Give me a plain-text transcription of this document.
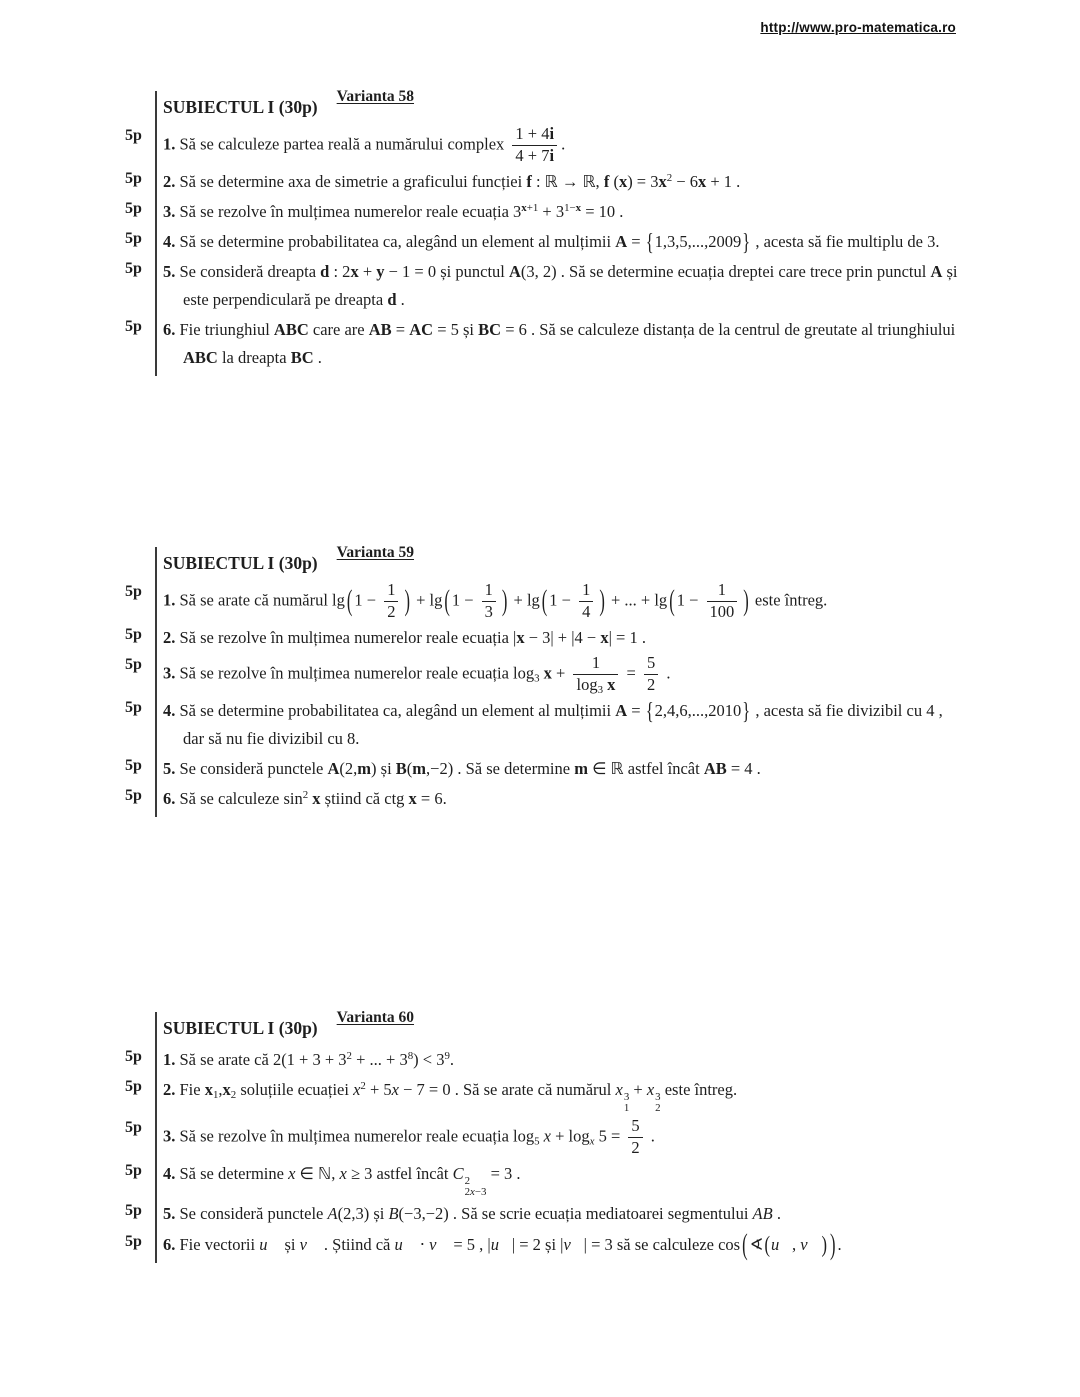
http://www.pro-matematica.ro
SUBIECTUL I (30p)
Varianta 58
5p	1. Să se calculeze partea reală a numărului complex $\frac{1 + 4i}{4 + 7i}$ .
5p	2. Să se determine axa de simetrie a graficului funcției f : ℝ → ℝ, f $(x) = 3x^2 - 6x + 1$ .
5p	3. Să se rezolve în mulțimea numerelor reale ecuația $3^{x+1} + 3^{1-x} = 10$ .
5p	4. Să se determine probabilitatea ca, alegând un element al mulțimii A = {1,3,5,...,2009} , acesta să fie multiplu de 3.
5p	5. Se consideră dreapta d : 2x + y − 1 = 0 și punctul A(3, 2) . Să se determine ecuația dreptei care trece prin punctul A și este perpendiculară pe dreapta d .
5p	6. Fie triunghiul ABC care are AB = AC = 5 și BC = 6 . Să se calculeze distanța de la centrul de greutate al triunghiului ABC la dreapta BC .
SUBIECTUL I (30p)
Varianta 59
5p	1. Să se arate că numărul lg ( $1 - \frac{1}{2}$ ) + lg ( $1 - \frac{1}{3}$ ) + lg ( $1 - \frac{1}{4}$ ) + ... + lg ( $1 - \frac{1}{100}$ ) este întreg.
5p	2. Să se rezolve în mulțimea numerelor reale ecuația |x − 3| + |4 − x| = 1 .
5p	3. Să se rezolve în mulțimea numerelor reale ecuația $\log_3 x + \frac{1}{\log_3 x} = \frac{5}{2}$ .
5p	4. Să se determine probabilitatea ca, alegând un element al mulțimii A = {2,4,6,...,2010} , acesta să fie divizibil cu 4 , dar să nu fie divizibil cu 8.
5p	5. Se consideră punctele A(2,m) și B(m,−2) . Să se determine m ∈ ℝ astfel încât AB = 4 .
5p	6. Să se calculeze $\sin^2 x$ știind că ctg x = 6.
SUBIECTUL I (30p)
Varianta 60
5p	1. Să se arate că $2(1 + 3 + 3^2$ + ... + $3^8) < 3^9$.
5p	2. Fie $x_1,x_2$ soluțiile ecuației $x^2 + 5x - 7 = 0$ . Să se arate că numărul x 3
1
+ x 3
2
este întreg.
5p	3. Să se rezolve în mulțimea numerelor reale ecuația $\log_5 x + \log_x 5 = \frac{5}{2}$ .
5p	4. Să se determine x ∈ ℕ, x ≥ 3 astfel încât C 2
2x−3
= 3 .
5p	5. Se consideră punctele A(2,3) și B(−3,−2) . Să se scrie ecuația mediatoarei segmentului AB .
5p	6. Fie vectorii u⃗ și v⃗ . Știind că u⃗ ⋅ v⃗ = 5 , |u⃗| = 2 și |v⃗| = 3 să se calculeze cos ( ∢(u⃗, v⃗) ) .
